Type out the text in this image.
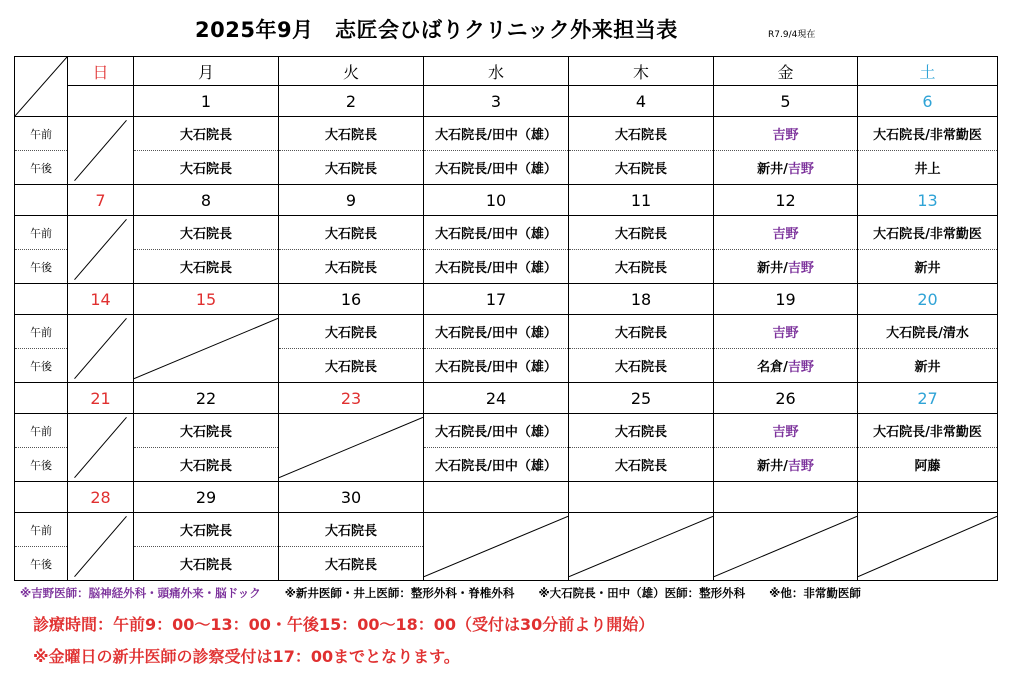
2025年9月　志匠会ひばりクリニック外来担当表	R7.9/4現在
	日	月	火	水	木	金	土
		1	2	3	4	5	6
午前		大石院長	大石院長	大石院長/田中（雄）	大石院長	吉野	大石院長/非常勤医
午後		大石院長	大石院長	大石院長/田中（雄）	大石院長	新井/吉野	井上
	7	8	9	10	11	12	13
午前		大石院長	大石院長	大石院長/田中（雄）	大石院長	吉野	大石院長/非常勤医
午後		大石院長	大石院長	大石院長/田中（雄）	大石院長	新井/吉野	新井
	14	15	16	17	18	19	20
午前			大石院長	大石院長/田中（雄）	大石院長	吉野	大石院長/清水
午後			大石院長	大石院長/田中（雄）	大石院長	名倉/吉野	新井
	21	22	23	24	25	26	27
午前		大石院長		大石院長/田中（雄）	大石院長	吉野	大石院長/非常勤医
午後		大石院長		大石院長/田中（雄）	大石院長	新井/吉野	阿藤
	28	29	30				
午前		大石院長	大石院長	

午後		大石院長	大石院長				
※吉野医師：脳神経外科・頭痛外来・脳ドック ※新井医師・井上医師：整形外科・脊椎外科 ※大石院長・田中（雄）医師：整形外科 ※他：非常勤医師
診療時間：午前9：00～13：00・午後15：00～18：00（受付は30分前より開始）
※金曜日の新井医師の診察受付は17：00までとなります。
